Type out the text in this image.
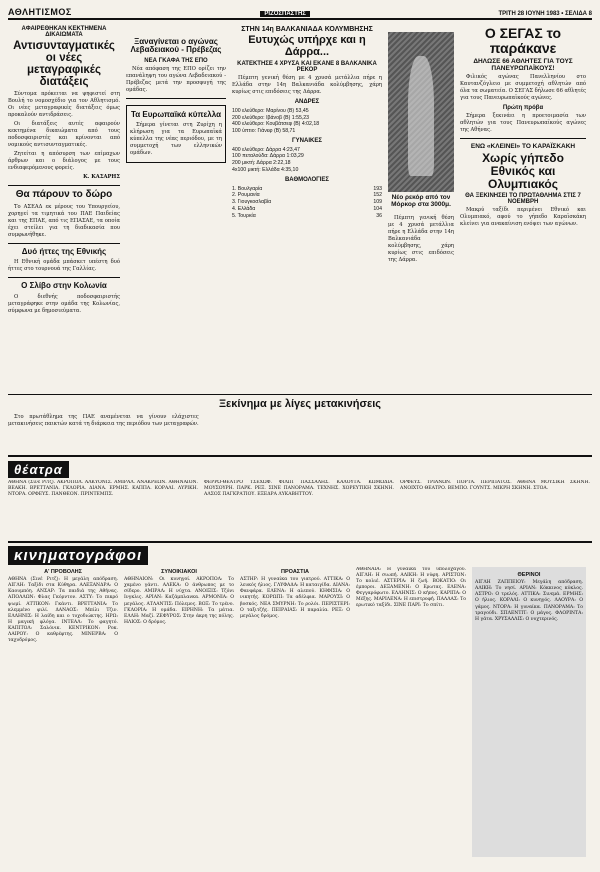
ΑΘΛΗΤΙΣΜΟΣ	ΡΙΖΟΣΠΑΣΤΗΣ	ΤΡΙΤΗ 28 ΙΟΥΝΗ 1983 • ΣΕΛΙΔΑ 8
ΑΦΑΙΡΕΘΗΚΑΝ ΚΕΚΤΗΜΕΝΑ ΔΙΚΑΙΩΜΑΤΑ
Αντισυνταγματικές οι νέες μεταγραφικές διατάξεις

Σύντομα πρόκειται να ψηφιστεί στη Βουλή το νομοσχέδιο για τον Αθλητισμό. Οι νέες μεταγραφικές διατάξεις όμως προκαλούν αντιδράσεις.

Οι διατάξεις αυτές αφαιρούν κεκτημένα δικαιώματα από τους ποδοσφαιριστές και κρίνονται από νομικούς αντισυνταγματικές.

Ζητείται η απόσυρση των επίμαχων άρθρων και ο διάλογος με τους ενδιαφερόμενους φορείς.

Κ. ΚΑΣΑΡΗΣ

Θα πάρουν το δώρο

Το ΑΣΕΑΔ εκ μέρους του Υπουργείου, χορηγεί τα τιμητικά του ΠΑΕ Παιδείας και της ΕΠΑΕ, από τις ΕΠΑΣΑΕ, τα οποία έχει στείλει για τη διαδικασία που συμφωνήθηκε.

Δυό ήττες της Εθνικής

Η Εθνική ομάδα μπάσκετ υπέστη δυό ήττες στο τουρνουά της Γαλλίας.

Ο Σλίβο στην Κολωνία

Ο διεθνής ποδοσφαιριστής μεταγράφηκε στην ομάδα της Κολωνίας, σύμφωνα με δημοσιεύματα.

Ξαναγίνεται ο αγώνας Λεβαδειακού - Πρέβεζας
ΝΕΑ ΓΚΑΦΑ ΤΗΣ ΕΠΟ

Νέα απόφαση της ΕΠΟ ορίζει την επανάληψη του αγώνα Λεβαδειακού - Πρέβεζας μετά την προσφυγή της ομάδας.

Τα Ευρωπαϊκά κύπελλα

Σήμερα γίνεται στη Ζυρίχη η κλήρωση για τα Ευρωπαϊκά κύπελλα της νέας περιόδου, με τη συμμετοχή των ελληνικών ομάδων.

ΣΤΗΝ 14η ΒΑΛΚΑΝΙΑΔΑ ΚΟΛΥΜΒΗΣΗΣ
Ευτυχώς υπήρχε και η Δάρρα...
ΚΑΤΕΚΤΗΣΕ 4 ΧΡΥΣΑ ΚΑΙ ΕΚΑΝΕ 8 ΒΑΛΚΑΝΙΚΑ ΡΕΚΟΡ

Πέμπτη γενική θέση με 4 χρυσά μετάλλια πήρε η Ελλάδα στην 14η Βαλκανιάδα κολύμβησης, χάρη κυρίως στις επιδόσεις της Δάρρα.

ΑΝΔΡΕΣ
100 ελεύθερο: Μαρίνου (Β) 53,45
200 ελεύθερο: Ιβάνοβ (Β) 1:55,23
400 ελεύθερο: Κουβάτσεφ (Β) 4:02,18
100 ύπτιο: Γιάνεφ (Β) 58,71
ΓΥΝΑΙΚΕΣ
400 ελεύθερο: Δάρρα 4:23,47
100 πεταλούδα: Δάρρα 1:03,29
200 μικτή: Δάρρα 2:22,18
4x100 μικτή: Ελλάδα 4:35,10
ΒΑΘΜΟΛΟΓΙΕΣ
1. Βουλγαρία	193
2. Ρουμανία	152
3. Γιουγκοσλαβία	109
4. Ελλάδα	104
5. Τουρκία	36
Νέο ρεκόρ από τον Μόρκορ στα 3000μ.

Πέμπτη γενική θέση με 4 χρυσά μετάλλια πήρε η Ελλάδα στην 14η Βαλκανιάδα κολύμβησης, χάρη κυρίως στις επιδόσεις της Δάρρα.

Ο ΣΕΓΑΣ το παράκανε
ΔΗΛΩΣΕ 66 ΑΘΛΗΤΕΣ ΓΙΑ ΤΟΥΣ ΠΑΝΕΥΡΩΠΑΪΚΟΥΣ!

Φιλικός αγώνας Πανελληνίου στο Καυτανζόγλειο με συμμετοχή αθλητών από όλα τα σωματεία. Ο ΣΕΓΑΣ δήλωσε 66 αθλητές για τους Πανευρωπαϊκούς αγώνες.

Πρώτη πρόβα

Σήμερα ξεκινάει η προετοιμασία των αθλητών για τους Πανευρωπαϊκούς αγώνες της Αθήνας.

ΕΝΩ «ΚΛΕΙΝΕΙ» ΤΟ ΚΑΡΑΪΣΚΑΚΗ
Χωρίς γήπεδο Εθνικός και Ολυμπιακός
ΘΑ ΞΕΚΙΝΗΣΕΙ ΤΟ ΠΡΩΤΑΘΛΗΜΑ ΣΤΙΣ 7 ΝΟΕΜΒΡΗ

Μακρύ ταξίδι περιμένει Εθνικό και Ολυμπιακό, αφού το γήπεδο Καραϊσκάκη κλείνει για ανακαίνιση ενόψει των αγώνων.

Ξεκίνημα με λίγες μετακινήσεις

Στο πρωτάθλημα της ΠΑΕ αναμένεται να γίνουν ελάχιστες μετακινήσεις παικτών κατά τη διάρκεια της περιόδου των μεταγραφών.

θέατρα

ΑΘΗΝΑ (Σινέ Ριτζ). ΑΚΡΟΠΟΛ. ΑΛΚΥΟΝΙΣ. ΑΜΙΡΑΛ. ΑΝΑΚΡΕΩΝ. ΑΘΗΝΑΙΟΝ. ΒΕΑΚΗ. ΒΡΕΤΤΑΝΙΑ. ΓΚΛΟΡΙΑ. ΔΙΑΝΑ. ΕΡΜΗΣ. ΚΑΠΠΑ. ΚΟΡΑΛΙ. ΛΥΡΙΚΗ. ΝΤΟΡΑ. ΟΡΦΕΥΣ. ΠΑΝΘΕΟΝ. ΠΡΙΝΤΕΜΠΣ.

ΦΕΡΡΩ-ΘΕΑΤΡΟ ΤΣΕΧΩΦ. ΦΙΛΙΠ ΠΑΣΣΑΛΗΣ. ΚΑΛΟΥΤΑ. ΚΩΜΩΔΙΑ. ΜΟΥΣΟΥΡΗ. ΠΑΡΚ. ΡΕΞ. ΣΙΝΕ ΠΑΝΟΡΑΜΑ. ΤΕΧΝΗΣ. ΧΟΡΕΥΤΙΚΗ ΣΚΗΝΗ. ΑΛΣΟΣ ΠΑΓΚΡΑΤΙΟΥ. ΕΞΕΔΡΑ ΛΥΚΑΒΗΤΤΟΥ.

ΟΡΦΕΥΣ. ΤΡΙΑΝΩΝ. ΠΟΡΤΑ. ΠΕΡΙΠΑΤΟΣ. ΑΘΗΝΑ ΜΟΥΣΙΚΗ ΣΚΗΝΗ. ΑΝΟΙΧΤΟ ΘΕΑΤΡΟ. ΒΕΜΠΟ. ΓΟΥΝΤΣ. ΜΙΚΡΗ ΣΚΗΝΗ. ΣΤΟΑ.

κινηματογράφοι
Α' ΠΡΟΒΟΛΗΣ

ΑΘΗΝΑ (Σινέ Ριτζ): Η μεγάλη απόδραση. ΑΙΓΛΗ: Ταξίδι στα Κύθηρα. ΑΛΕΞΑΝΔΡΑ: Ο Καουμπόη. ΑΝΣΑΡ: Τα παιδιά της Αθήνας. ΑΠΟΛΛΩΝ: Φλας Γκόρντον. ΑΣΤΥ: Το πικρό ψωμί. ΑΤΤΙΚΟΝ: Γκάντι. ΒΡΕΤΤΑΝΙΑ: Το κλεμμένο φιλί. ΔΑΝΑΟΣ: Μπίλι Τζιν. ΕΛΛΗΝΙΣ: Η λαίδη και ο τυχοδιώκτης. ΗΡΩ: Η μαγική φλόγα. ΙΝΤΕΑΛ: Το φαγητό. ΚΑΠΙΤΟΛ: Σαλόνικ. ΚΕΝΤΡΙΚΟΝ: Ροκ. ΛΑΙΡΟΥ: Ο καθρέφτης. ΜΙΝΕΡΒΑ: Ο ταχυδρόμος.

ΣΥΝΟΙΚΙΑΚΟΙ

ΑΘΗΝΑΙΟΝ: Οι κυνηγοί. ΑΚΡΟΠΟΛ: Το χαμένο γάντι. ΑΛΕΚΑ: Ο άνθρωπος με το σίδερο. ΑΜΙΡΑΛ: Η νύχτα. ΑΝΟΙΞΙΣ: Τζόνι Ινγκλις. ΑΡΙΑΝ: Καζάμπλανκα. ΑΡΜΟΝΙΑ: Ο μεγάλος. ΑΤΛΑΝΤΙΣ: Πόλεμος. ΒΟΞ: Το τρένο. ΓΚΛΟΡΙΑ: Η ομάδα. ΕΙΡΗΝΗ: Τα μάτια. ΕΛΛΗ: Μαζί. ΖΕΦΥΡΟΣ: Στην άκρη της πόλης. ΗΛΙΟΣ: Ο δρόμος.

ΠΡΟΑΣΤΙΑ

ΑΣΤΗΡ: Η γυναίκα του γιατρού. ΑΤΤΙΚΑ: Ο λευκός ήλιος. ΓΛΥΦΑΔΑ: Η καταιγίδα. ΔΙΑΝΑ: Φανφάρα. ΕΛΕΝΑ: Η αλεπού. ΚΗΦΙΣΙΑ: Ο νικητής. ΚΟΡΩΠΙ: Τα αδέλφια. ΜΑΡΟΥΣΙ: Ο βοσκός. ΝΕΑ ΣΜΥΡΝΗ: Το ρολόι. ΠΕΡΙΣΤΕΡΙ: Ο ταξιτζής. ΠΕΙΡΑΙΑΣ: Η παραλία. ΡΕΞ: Ο μεγάλος δρόμος.

ΑΘΗΝΑΙΑ: Η γυναίκα του υπολοχαγού. ΑΙΓΛΗ: Η σιωπή. ΑΛΙΚΗ: Η νύφη. ΑΡΙΣΤΟΝ: Το κολιέ. ΑΣΤΕΡΙΑ: Η ζωή. ΒΟΚΑΤΙΟ: Οι έμποροι. ΔΕΞΑΜΕΝΗ: Ο Ερωτας. ΕΛΕΝΑ: Φεγγαρόφωτο. ΕΛΛΗΝΙΣ: Ο κήπος. ΚΑΡΙΠΑ: Ο Μέξης. ΜΑΡΙΛΕΝΑ: Η επιστροφή. ΠΑΛΛΑΣ: Το ερωτικό ταξίδι. ΣΙΝΕ ΠΑΡΙ: Το σπίτι.

ΘΕΡΙΝΟΙ

ΑΙΓΛΗ ΖΑΠΠΕΙΟΥ: Μεγάλη απόδραση. ΑΛΙΚΗ: Το νησί. ΑΡΙΑΝ: Κόκκινος κύκλος. ΑΣΤΡΟ: Ο τρελός. ΑΤΤΙΚΑ: Σινεμά. ΕΡΜΗΣ: Ο ήλιος. ΚΟΡΑΛΙ: Ο κυνηγός. ΛΑΟΥΡΑ: Ο γάμος. ΝΤΟΡΑ: Η γυναίκα. ΠΑΝΟΡΑΜΑ: Το τραγούδι. ΣΠΛΕΝΤΙΤ: Ο μάγος. ΦΛΟΡΙΝΤΑ: Η γάτα. ΧΡΥΣΑΛΛΙΣ: Ο νυχτερινός.
